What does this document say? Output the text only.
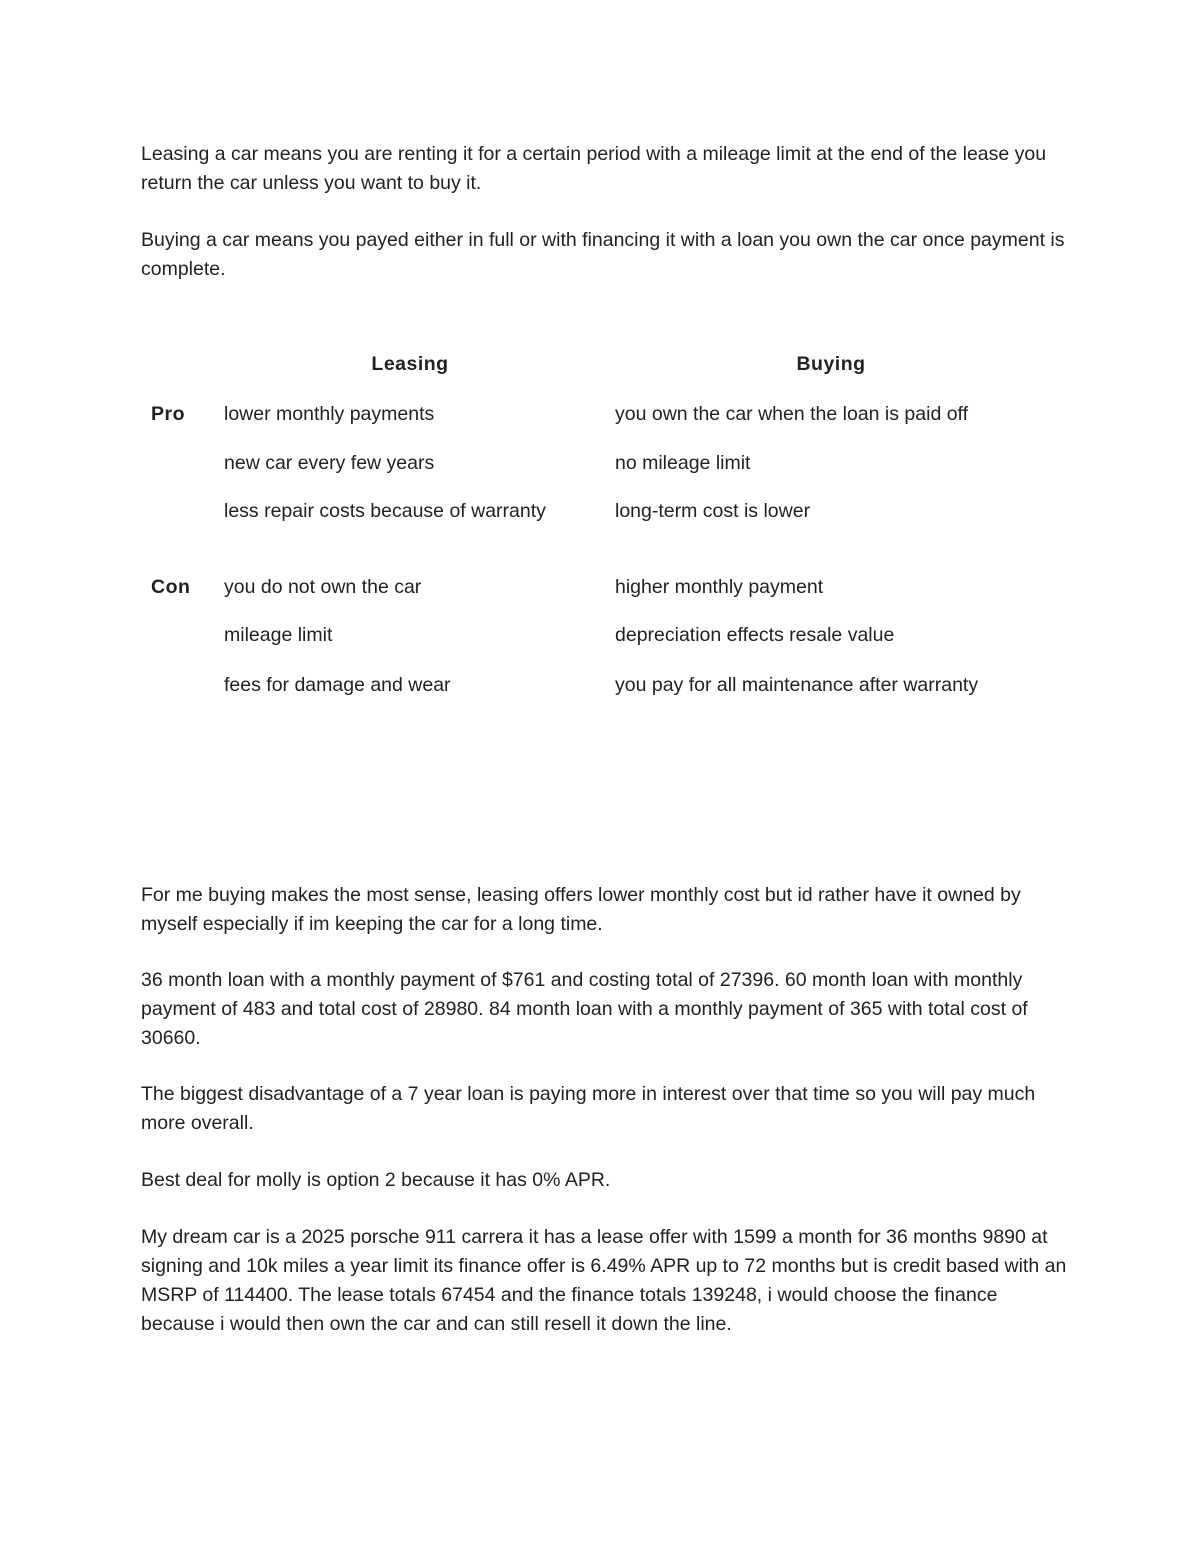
Leasing a car means you are renting it for a certain period with a mileage limit at the end of the lease you return the car unless you want to buy it.

Buying a car means you payed either in full or with financing it with a loan you own the car once payment is complete.

Leasing	Buying
Pro lower monthly payments	you own the car when the loan is paid off
new car every few years	no mileage limit
less repair costs because of warranty	long-term cost is lower
Con you do not own the car	higher monthly payment
mileage limit	depreciation effects resale value
fees for damage and wear	you pay for all maintenance after warranty

For me buying makes the most sense, leasing offers lower monthly cost but id rather have it owned by myself especially if im keeping the car for a long time.

36 month loan with a monthly payment of $761 and costing total of 27396. 60 month loan with monthly payment of 483 and total cost of 28980. 84 month loan with a monthly payment of 365 with total cost of 30660.

The biggest disadvantage of a 7 year loan is paying more in interest over that time so you will pay much more overall.

Best deal for molly is option 2 because it has 0% APR.

My dream car is a 2025 porsche 911 carrera it has a lease offer with 1599 a month for 36 months 9890 at signing and 10k miles a year limit its finance offer is 6.49% APR up to 72 months but is credit based with an MSRP of 114400. The lease totals 67454 and the finance totals 139248, i would choose the finance because i would then own the car and can still resell it down the line.
